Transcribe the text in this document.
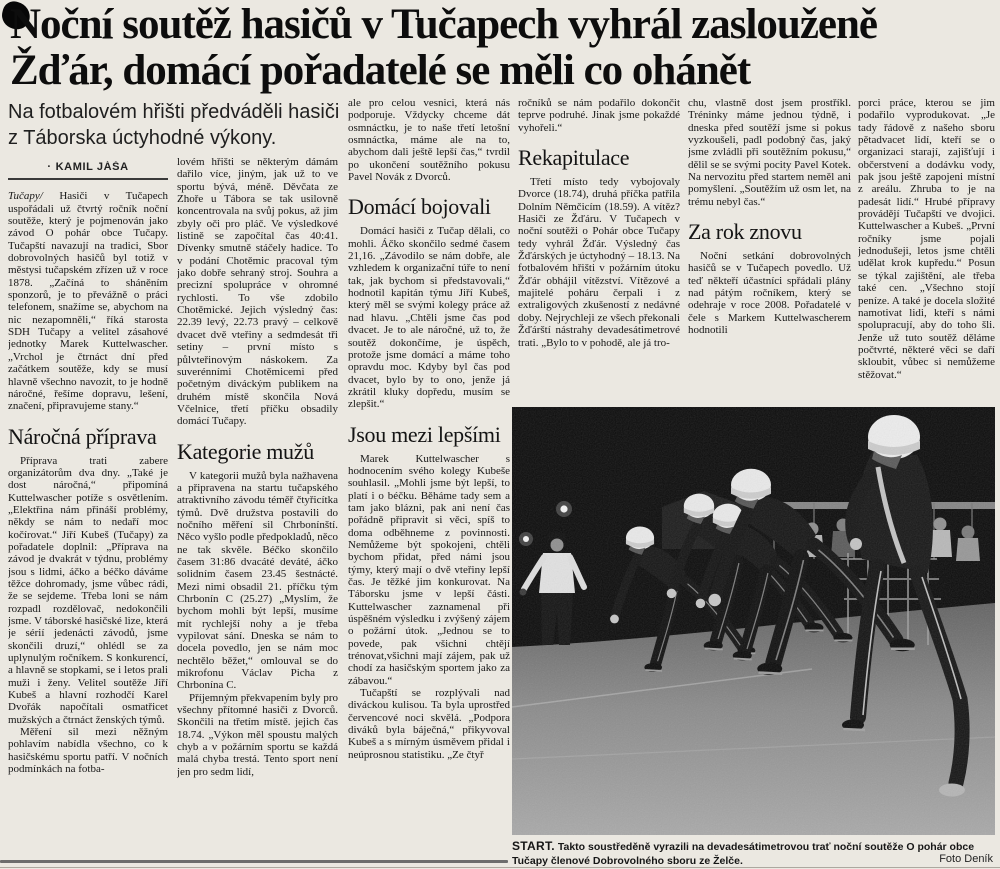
Noční soutěž hasičů v Tučapech vyhrál zaslouženě
Žďár, domácí pořadatelé se měli co ohánět
Na fotbalovém hřišti předváděli hasiči z Táborska úctyhodné výkony.
· KAMIL JÁŠA

Tučapy/ Hasiči v Tučapech uspořádali už čtvrtý ročník noční soutěže, který je pojmenován jako závod O pohár obce Tučapy. Tučapští navazují na tradici, Sbor dobrovolných hasičů byl totiž v městysi tučapském zřízen už v roce 1878. „Začíná to sháněním sponzorů, je to převážně o práci telefonem, snažíme se, abychom na nic nezapomněli,“ říká starosta SDH Tučapy a velitel zásahové jednotky Marek Kuttelwascher. „Vrchol je čtrnáct dní před začátkem soutěže, kdy se musí hlavně všechno navozit, to je hodně náročné, řešíme dopravu, lešení, značení, připravujeme stany.“

Náročná příprava

Příprava trati zabere organizátorům dva dny. „Také je dost náročná,“ připomíná Kuttelwascher potíže s osvětlením. „Elektřina nám přináší problémy, někdy se nám to nedaří moc kočírovat.“ Jiří Kubeš (Tučapy) za pořadatele doplnil: „Příprava na závod je dvakrát v týdnu, problémy jsou s lidmi, áčko a béčko dáváme těžce dohromady, jsme vůbec rádi, že se sejdeme. Třeba loni se nám rozpadl rozdělovač, nedokončili jsme. V táborské hasičské lize, která je sérií jedenácti závodů, jsme skončili druzí,“ ohlédl se za uplynulým ročníkem. S konkurencí, a hlavně se stopkami, se i letos prali muži i ženy. Velitel soutěže Jiří Kubeš a hlavní rozhodčí Karel Dvořák napočítali osmatřicet mužských a čtrnáct ženských týmů.

Měření sil mezi něžným pohlavím nabídla všechno, co k hasičskému sportu patří. V nočních podmínkách na fotba-

lovém hřišti se některým dámám dařilo více, jiným, jak už to ve sportu bývá, méně. Děvčata ze Zhoře u Tábora se tak usilovně koncentrovala na svůj pokus, až jim zbyly oči pro pláč. Ve výsledkové listině se započítal čas 40:41. Dívenky smutně stáčely hadice. To v podání Chotěmic pracoval tým jako dobře sehraný stroj. Souhra a precizní spolupráce v ohromné rychlosti. To vše zdobilo Chotěmické. Jejich výsledný čas: 22.39 levý, 22.73 pravý – celkově dvacet dvě vteřiny a sedmdesát tři setiny – první místo s půlvteřinovým náskokem. Za suverénními Chotěmicemi před početným diváckým publikem na druhém místě skončila Nová Včelnice, třetí příčku obsadily domácí Tučapy.

Kategorie mužů

V kategorii mužů byla nažhavena a připravena na startu tučapského atraktivního závodu téměř čtyřicítka týmů. Dvě družstva postavili do nočního měření sil Chrbonínští. Něco vyšlo podle předpokladů, něco ne tak skvěle. Béčko skončilo časem 31:86 dvacáté deváté, áčko solidním časem 23.45 šestnácté. Mezi nimi obsadil 21. příčku tým Chrbonín C (25.27) „Myslím, že bychom mohli být lepší, musíme mít rychlejší nohy a je třeba vypilovat sání. Dneska se nám to docela povedlo, jen se nám moc nechtělo běžet,“ omlouval se do mikrofonu Václav Picha z Chrbonína C.

Příjemným překvapením byly pro všechny přítomné hasiči z Dvorců. Skončili na třetím místě. jejich čas 18.74. „Výkon měl spoustu malých chyb a v požárním sportu se každá malá chyba trestá. Tento sport není jen pro sedm lidí,

ale pro celou vesnici, která nás podporuje. Vždycky chceme dát osmnáctku, je to naše třetí letošní osmnáctka, máme ale na to, abychom dali ještě lepší čas,“ tvrdil po ukončení soutěžního pokusu Pavel Novák z Dvorců.

Domácí bojovali

Domácí hasiči z Tučap dělali, co mohli. Áčko skončilo sedmé časem 21,16. „Závodilo se nám dobře, ale vzhledem k organizační túře to není tak, jak bychom si představovali,“ hodnotil kapitán týmu Jiří Kubeš, který měl se svými kolegy práce až nad hlavu. „Chtěli jsme čas pod dvacet. Je to ale náročné, už to, že soutěž dokončíme, je úspěch, protože jsme domácí a máme toho opravdu moc. Kdyby byl čas pod dvacet, bylo by to ono, jenže já zkrátil kluky dopředu, musím se zlepšit.“

Jsou mezi lepšími

Marek Kuttelwascher s hodnocením svého kolegy Kubeše souhlasil. „Mohli jsme být lepší, to platí i o béčku. Běháme tady sem a tam jako blázni, pak ani není čas pořádně připravit si věci, spíš to doma odběhneme z povinnosti. Nemůžeme být spokojeni, chtěli bychom přidat, před námi jsou týmy, který mají o dvě vteřiny lepší čas. Je těžké jim konkurovat. Na Táborsku jsme v lepší části. Kuttelwascher zaznamenal při úspěšném výsledku i zvýšený zájem o požární útok. „Jednou se to povede, pak všichni chtějí trénovat,všichni mají zájem, pak už chodí za hasičským sportem jako za zábavou.“

Tučapští se rozplývali nad diváckou kulisou. Ta byla uprostřed červencové noci skvělá. „Podpora diváků byla báječná,“ přikyvoval Kubeš a s mírným úsměvem přidal i neúprosnou statistiku. „Ze čtyř

ročníků se nám podařilo dokončit teprve podruhé. Jinak jsme pokaždé vyhořeli.“

Rekapitulace

Třetí místo tedy vybojovaly Dvorce (18.74), druhá příčka patřila Dolním Němčicím (18.59). A vítěz? Hasiči ze Žďáru. V Tučapech v noční soutěži o Pohár obce Tučapy tedy vyhrál Žďár. Výsledný čas Žďárských je úctyhodný – 18.13. Na fotbalovém hřišti v požárním útoku Žďár obhájil vítězství. Vítězové a majitelé poháru čerpali i z extraligových zkušeností z nedávné doby. Nejrychleji ze všech překonali Žďárští nástrahy devadesátimetrové trati. „Bylo to v pohodě, ale já tro-

chu, vlastně dost jsem prostříkl. Tréninky máme jednou týdně, i dneska před soutěží jsme si pokus vyzkoušeli, padl podobný čas, jaký jsme zvládli při soutěžním pokusu,“ dělil se se svými pocity Pavel Kotek. Na nervozitu před startem neměl ani pomyšlení. „Soutěžím už osm let, na trému nebyl čas.“

Za rok znovu

Noční setkání dobrovolných hasičů se v Tučapech povedlo. Už teď někteří účastníci spřádali plány nad pátým ročníkem, který se odehraje v roce 2008. Pořadatelé v čele s Markem Kuttelwascherem hodnotili

porci práce, kterou se jim podařilo vyprodukovat. „Je tady řádově z našeho sboru pětadvacet lidí, kteří se o organizaci starají, zajišťují i občerstvení a dodávku vody, pak jsou ještě zapojeni místní z areálu. Zhruba to je na padesát lidí.“ Hrubé přípravy provádějí Tučapští ve dvojici. Kuttelwascher a Kubeš. „První ročníky jsme pojali jednodušeji, letos jsme chtěli udělat krok kupředu.“ Posun se týkal zajištění, ale třeba také cen. „Všechno stojí peníze. A také je docela složité namotivat lidi, kteří s námi spolupracují, aby do toho šli. Jenže už tuto soutěž děláme počtvrté, některé věci se daří skloubit, vůbec si nemůžeme stěžovat.“

START. Takto soustředěně vyrazili na devadesátimetrovou trať noční soutěže O pohár obce Tučapy členové Dobrovolného sboru ze Želče.	Foto Deník
